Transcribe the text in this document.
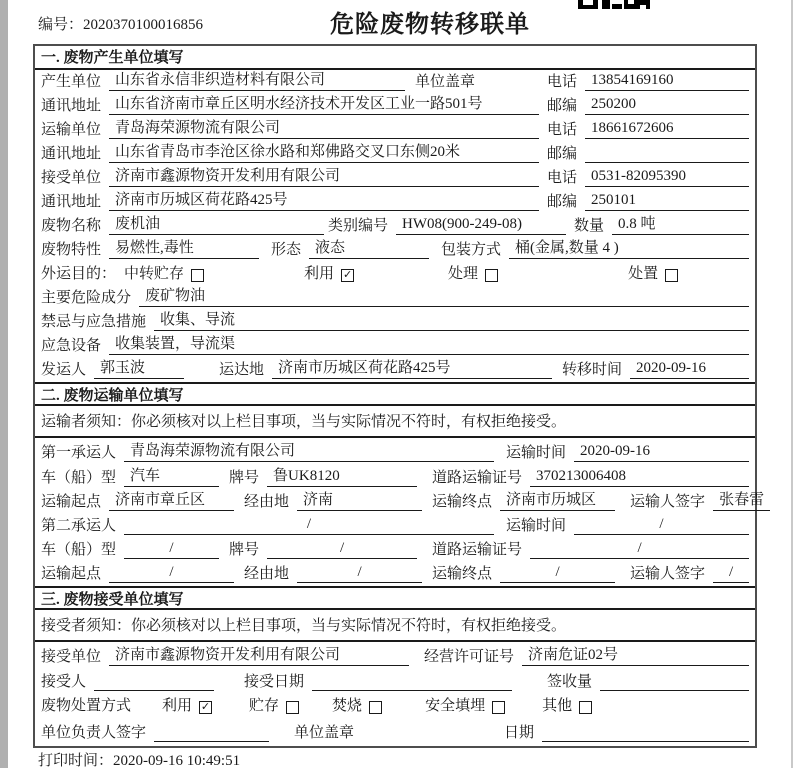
编号：2020370100016856	危险废物转移联单
一. 废物产生单位填写
产生单位 山东省永信非织造材料有限公司	单位盖章	电话 13854169160
通讯地址 山东省济南市章丘区明水经济技术开发区工业一路501号	邮编 250200
运输单位 青岛海荣源物流有限公司	电话 18661672606
通讯地址 山东省青岛市李沧区徐水路和郑佛路交叉口东侧20米	邮编
接受单位 济南市鑫源物资开发利用有限公司	电话 0531-82095390
通讯地址 济南市历城区荷花路425号	邮编 250101
废物名称 废机油	类别编号 HW08(900-249-08)	数量 0.8 吨
废物特性 易燃性,毒性	形态 液态	包装方式 桶(金属,数量 4 )
外运目的： 中转贮存	利用 ✓	处理	处置
主要危险成分 废矿物油
禁忌与应急措施 收集、导流
应急设备 收集装置，导流渠
发运人 郭玉波	运达地 济南市历城区荷花路425号	转移时间 2020-09-16
二. 废物运输单位填写
运输者须知：你必须核对以上栏目事项，当与实际情况不符时，有权拒绝接受。
第一承运人 青岛海荣源物流有限公司	运输时间 2020-09-16
车（船）型 汽车	牌号 鲁UK8120	道路运输证号 370213006408
运输起点 济南市章丘区	经由地 济南	运输终点 济南市历城区	运输人签字 张春雷
第二承运人	/	运输时间	/
车（船）型	/	牌号	/	道路运输证号	/
运输起点	/	经由地	/	运输终点	/	运输人签字	/
三. 废物接受单位填写
接受者须知：你必须核对以上栏目事项，当与实际情况不符时，有权拒绝接受。
接受单位 济南市鑫源物资开发利用有限公司	经营许可证号 济南危证02号
接受人	接受日期	签收量
废物处置方式 利用 ✓	贮存	焚烧	安全填埋	其他
单位负责人签字	单位盖章	日期
打印时间：2020-09-16 10:49:51
